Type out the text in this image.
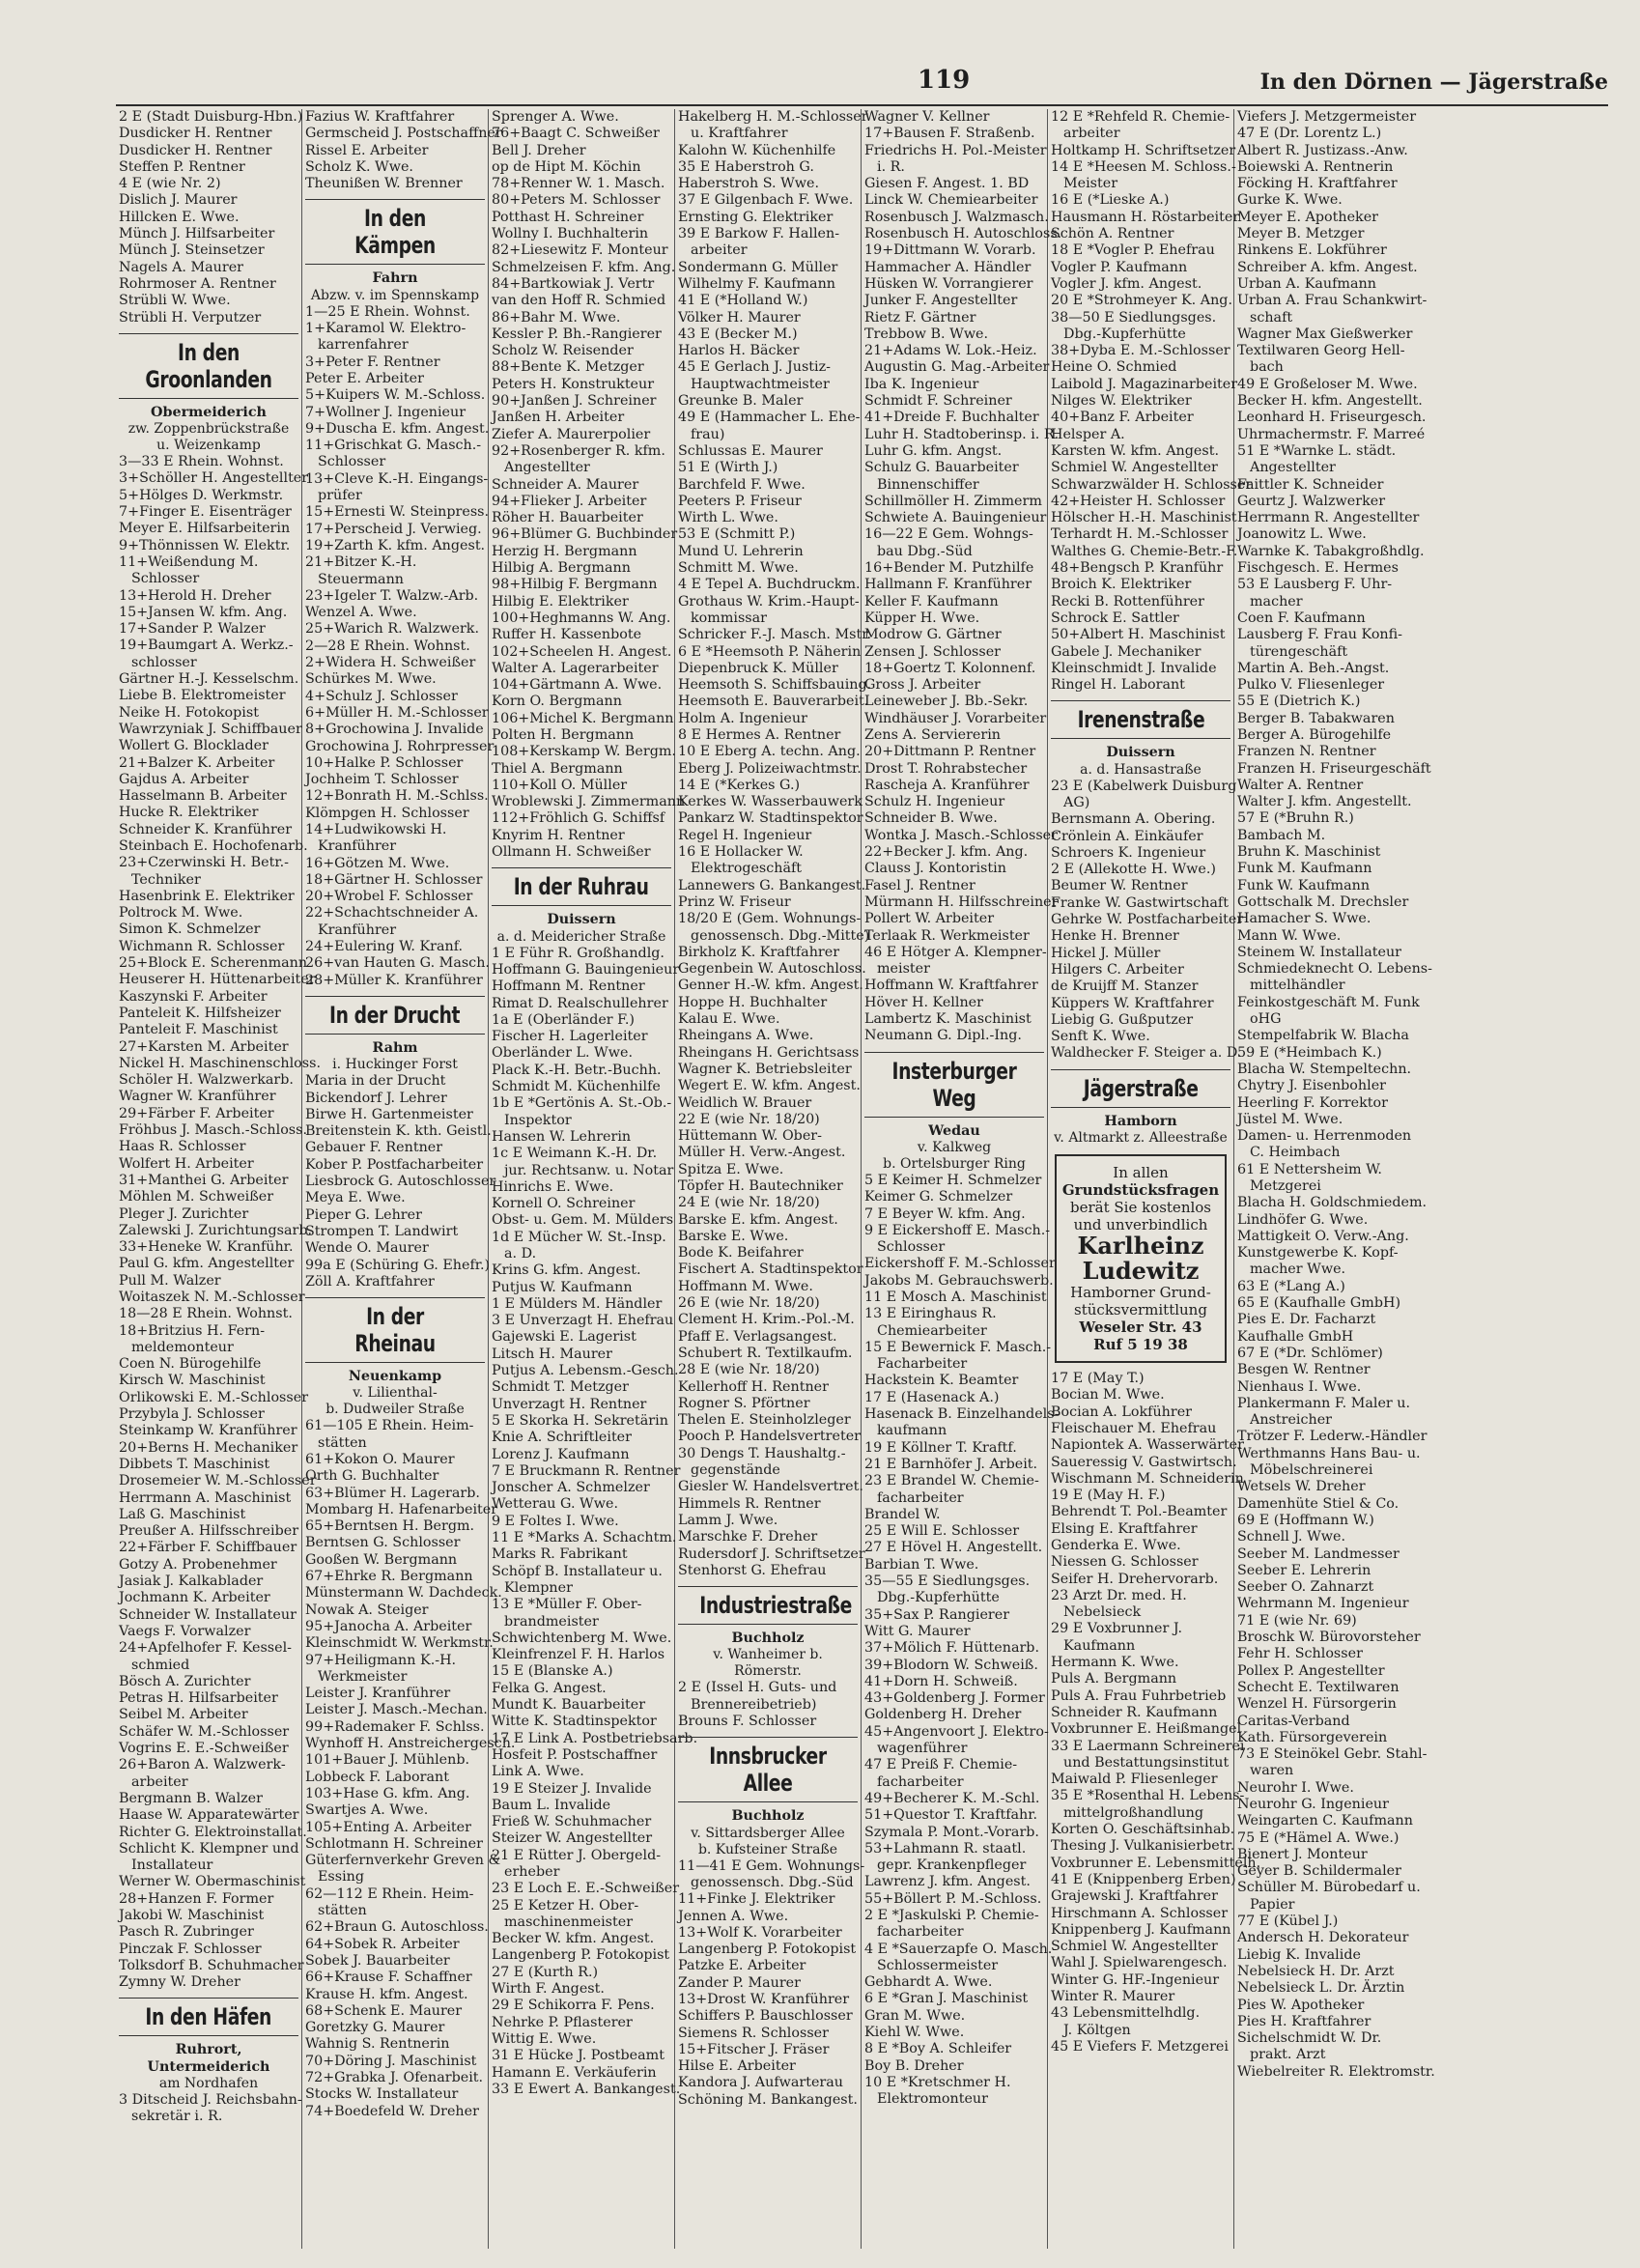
119	In den Dörnen — Jägerstraße
2 E (Stadt Duisburg-Hbn.)
Dusdicker H. Rentner
Dusdicker H. Rentner
Steffen P. Rentner
4 E (wie Nr. 2)
Dislich J. Maurer
Hillcken E. Wwe.
Münch J. Hilfsarbeiter
Münch J. Steinsetzer
Nagels A. Maurer
Rohrmoser A. Rentner
Strübli W. Wwe.
Strübli H. Verputzer
In den Groonlanden
Obermeiderich
zw. Zoppenbrückstraße
u. Weizenkamp
3—33 E Rhein. Wohnst.
3+Schöller H. Angestellter
5+Hölges D. Werkmstr.
7+Finger E. Eisenträger
Meyer E. Hilfsarbeiterin
9+Thönnissen W. Elektr.
11+Weißendung M.
Schlosser
13+Herold H. Dreher
15+Jansen W. kfm. Ang.
17+Sander P. Walzer
19+Baumgart A. Werkz.-
schlosser
Gärtner H.-J. Kesselschm.
Liebe B. Elektromeister
Neike H. Fotokopist
Wawrzyniak J. Schiffbauer
Wollert G. Blocklader
21+Balzer K. Arbeiter
Gajdus A. Arbeiter
Hasselmann B. Arbeiter
Hucke R. Elektriker
Schneider K. Kranführer
Steinbach E. Hochofenarb.
23+Czerwinski H. Betr.-
Techniker
Hasenbrink E. Elektriker
Poltrock M. Wwe.
Simon K. Schmelzer
Wichmann R. Schlosser
25+Block E. Scherenmann
Heuserer H. Hüttenarbeiter
Kaszynski F. Arbeiter
Panteleit K. Hilfsheizer
Panteleit F. Maschinist
27+Karsten M. Arbeiter
Nickel H. Maschinenschloss.
Schöler H. Walzwerkarb.
Wagner W. Kranführer
29+Färber F. Arbeiter
Fröhbus J. Masch.-Schloss.
Haas R. Schlosser
Wolfert H. Arbeiter
31+Manthei G. Arbeiter
Möhlen M. Schweißer
Pleger J. Zurichter
Zalewski J. Zurichtungsarb.
33+Heneke W. Kranführ.
Paul G. kfm. Angestellter
Pull M. Walzer
Woitaszek N. M.-Schlosser
18—28 E Rhein. Wohnst.
18+Britzius H. Fern-
meldemonteur
Coen N. Bürogehilfe
Kirsch W. Maschinist
Orlikowski E. M.-Schlosser
Przybyla J. Schlosser
Steinkamp W. Kranführer
20+Berns H. Mechaniker
Dibbets T. Maschinist
Drosemeier W. M.-Schlosser
Herrmann A. Maschinist
Laß G. Maschinist
Preußer A. Hilfsschreiber
22+Färber F. Schiffbauer
Gotzy A. Probenehmer
Jasiak J. Kalkablader
Jochmann K. Arbeiter
Schneider W. Installateur
Vaegs F. Vorwalzer
24+Apfelhofer F. Kessel-
schmied
Bösch A. Zurichter
Petras H. Hilfsarbeiter
Seibel M. Arbeiter
Schäfer W. M.-Schlosser
Vogrins E. E.-Schweißer
26+Baron A. Walzwerk-
arbeiter
Bergmann B. Walzer
Haase W. Apparatewärter
Richter G. Elektroinstallat.
Schlicht K. Klempner und
Installateur
Werner W. Obermaschinist
28+Hanzen F. Former
Jakobi W. Maschinist
Pasch R. Zubringer
Pinczak F. Schlosser
Tolksdorf B. Schuhmacher
Zymny W. Dreher
In den Häfen
Ruhrort, Untermeiderich
am Nordhafen
3 Ditscheid J. Reichsbahn-
sekretär i. R.
Fazius W. Kraftfahrer
Germscheid J. Postschaffner
Rissel E. Arbeiter
Scholz K. Wwe.
Theunißen W. Brenner
In den Kämpen
Fahrn
Abzw. v. im Spennskamp
1—25 E Rhein. Wohnst.
1+Karamol W. Elektro-
karrenfahrer
3+Peter F. Rentner
Peter E. Arbeiter
5+Kuipers W. M.-Schloss.
7+Wollner J. Ingenieur
9+Duscha E. kfm. Angest.
11+Grischkat G. Masch.-
Schlosser
13+Cleve K.-H. Eingangs-
prüfer
15+Ernesti W. Steinpress.
17+Perscheid J. Verwieg.
19+Zarth K. kfm. Angest.
21+Bitzer K.-H.
Steuermann
23+Igeler T. Walzw.-Arb.
Wenzel A. Wwe.
25+Warich R. Walzwerk.
2—28 E Rhein. Wohnst.
2+Widera H. Schweißer
Schürkes M. Wwe.
4+Schulz J. Schlosser
6+Müller H. M.-Schlosser
8+Grochowina J. Invalide
Grochowina J. Rohrpresser
10+Halke P. Schlosser
Jochheim T. Schlosser
12+Bonrath H. M.-Schlss.
Klömpgen H. Schlosser
14+Ludwikowski H.
Kranführer
16+Götzen M. Wwe.
18+Gärtner H. Schlosser
20+Wrobel F. Schlosser
22+Schachtschneider A.
Kranführer
24+Eulering W. Kranf.
26+van Hauten G. Masch.
28+Müller K. Kranführer
In der Drucht
Rahm
i. Huckinger Forst
Maria in der Drucht
Bickendorf J. Lehrer
Birwe H. Gartenmeister
Breitenstein K. kth. Geistl.
Gebauer F. Rentner
Kober P. Postfacharbeiter
Liesbrock G. Autoschlosser
Meya E. Wwe.
Pieper G. Lehrer
Strompen T. Landwirt
Wende O. Maurer
99a E (Schüring G. Ehefr.)
Zöll A. Kraftfahrer
In der Rheinau
Neuenkamp
v. Lilienthal-
b. Dudweiler Straße
61—105 E Rhein. Heim-
stätten
61+Kokon O. Maurer
Orth G. Buchhalter
63+Blümer H. Lagerarb.
Mombarg H. Hafenarbeiter
65+Berntsen H. Bergm.
Berntsen G. Schlosser
Gooßen W. Bergmann
67+Ehrke R. Bergmann
Münstermann W. Dachdeck.
Nowak A. Steiger
95+Janocha A. Arbeiter
Kleinschmidt W. Werkmstr.
97+Heiligmann K.-H.
Werkmeister
Leister J. Kranführer
Leister J. Masch.-Mechan.
99+Rademaker F. Schlss.
Wynhoff H. Anstreichergesch.
101+Bauer J. Mühlenb.
Lobbeck F. Laborant
103+Hase G. kfm. Ang.
Swartjes A. Wwe.
105+Enting A. Arbeiter
Schlotmann H. Schreiner
Güterfernverkehr Greven &
Essing
62—112 E Rhein. Heim-
stätten
62+Braun G. Autoschloss.
64+Sobek R. Arbeiter
Sobek J. Bauarbeiter
66+Krause F. Schaffner
Krause H. kfm. Angest.
68+Schenk E. Maurer
Goretzky G. Maurer
Wahnig S. Rentnerin
70+Döring J. Maschinist
72+Grabka J. Ofenarbeit.
Stocks W. Installateur
74+Boedefeld W. Dreher
Sprenger A. Wwe.
76+Baagt C. Schweißer
Bell J. Dreher
op de Hipt M. Köchin
78+Renner W. 1. Masch.
80+Peters M. Schlosser
Potthast H. Schreiner
Wollny I. Buchhalterin
82+Liesewitz F. Monteur
Schmelzeisen F. kfm. Ang.
84+Bartkowiak J. Vertr
van den Hoff R. Schmied
86+Bahr M. Wwe.
Kessler P. Bh.-Rangierer
Scholz W. Reisender
88+Bente K. Metzger
Peters H. Konstrukteur
90+Janßen J. Schreiner
Janßen H. Arbeiter
Ziefer A. Maurerpolier
92+Rosenberger R. kfm.
Angestellter
Schneider A. Maurer
94+Flieker J. Arbeiter
Röher H. Bauarbeiter
96+Blümer G. Buchbinder
Herzig H. Bergmann
Hilbig A. Bergmann
98+Hilbig F. Bergmann
Hilbig E. Elektriker
100+Heghmanns W. Ang.
Ruffer H. Kassenbote
102+Scheelen H. Angest.
Walter A. Lagerarbeiter
104+Gärtmann A. Wwe.
Korn O. Bergmann
106+Michel K. Bergmann
Polten H. Bergmann
108+Kerskamp W. Bergm.
Thiel A. Bergmann
110+Koll O. Müller
Wroblewski J. Zimmermann
112+Fröhlich G. Schiffsf
Knyrim H. Rentner
Ollmann H. Schweißer
In der Ruhrau
Duissern
a. d. Meidericher Straße
1 E Führ R. Großhandlg.
Hoffmann G. Bauingenieur
Hoffmann M. Rentner
Rimat D. Realschullehrer
1a E (Oberländer F.)
Fischer H. Lagerleiter
Oberländer L. Wwe.
Plack K.-H. Betr.-Buchh.
Schmidt M. Küchenhilfe
1b E *Gertönis A. St.-Ob.-
Inspektor
Hansen W. Lehrerin
1c E Weimann K.-H. Dr.
jur. Rechtsanw. u. Notar
Hinrichs E. Wwe.
Kornell O. Schreiner
Obst- u. Gem. M. Mülders
1d E Mücher W. St.-Insp.
a. D.
Krins G. kfm. Angest.
Putjus W. Kaufmann
1 E Mülders M. Händler
3 E Unverzagt H. Ehefrau
Gajewski E. Lagerist
Litsch H. Maurer
Putjus A. Lebensm.-Gesch.
Schmidt T. Metzger
Unverzagt H. Rentner
5 E Skorka H. Sekretärin
Knie A. Schriftleiter
Lorenz J. Kaufmann
7 E Bruckmann R. Rentner
Jonscher A. Schmelzer
Wetterau G. Wwe.
9 E Foltes I. Wwe.
11 E *Marks A. Schachtm.
Marks R. Fabrikant
Schöpf B. Installateur u.
Klempner
13 E *Müller F. Ober-
brandmeister
Schwichtenberg M. Wwe.
Kleinfrenzel F. H. Harlos
15 E (Blanske A.)
Felka G. Angest.
Mundt K. Bauarbeiter
Witte K. Stadtinspektor
17 E Link A. Postbetriebsarb.
Hosfeit P. Postschaffner
Link A. Wwe.
19 E Steizer J. Invalide
Baum L. Invalide
Frieß W. Schuhmacher
Steizer W. Angestellter
21 E Rütter J. Obergeld-
erheber
23 E Loch E. E.-Schweißer
25 E Ketzer H. Ober-
maschinenmeister
Becker W. kfm. Angest.
Langenberg P. Fotokopist
27 E (Kurth R.)
Wirth F. Angest.
29 E Schikorra F. Pens.
Nehrke P. Pflasterer
Wittig E. Wwe.
31 E Hücke J. Postbeamt
Hamann E. Verkäuferin
33 E Ewert A. Bankangest.
Hakelberg H. M.-Schlosser
u. Kraftfahrer
Kalohn W. Küchenhilfe
35 E Haberstroh G.
Haberstroh S. Wwe.
37 E Gilgenbach F. Wwe.
Ernsting G. Elektriker
39 E Barkow F. Hallen-
arbeiter
Sondermann G. Müller
Wilhelmy F. Kaufmann
41 E (*Holland W.)
Völker H. Maurer
43 E (Becker M.)
Harlos H. Bäcker
45 E Gerlach J. Justiz-
Hauptwachtmeister
Greunke B. Maler
49 E (Hammacher L. Ehe-
frau)
Schlussas E. Maurer
51 E (Wirth J.)
Barchfeld F. Wwe.
Peeters P. Friseur
Wirth L. Wwe.
53 E (Schmitt P.)
Mund U. Lehrerin
Schmitt M. Wwe.
4 E Tepel A. Buchdruckm.
Grothaus W. Krim.-Haupt-
kommissar
Schricker F.-J. Masch. Mstr.
6 E *Heemsoth P. Näherin
Diepenbruck K. Müller
Heemsoth S. Schiffsbauing.
Heemsoth E. Bauverarbeit.
Holm A. Ingenieur
8 E Hermes A. Rentner
10 E Eberg A. techn. Ang.
Eberg J. Polizeiwachtmstr.
14 E (*Kerkes G.)
Kerkes W. Wasserbauwerk
Pankarz W. Stadtinspektor
Regel H. Ingenieur
16 E Hollacker W.
Elektrogeschäft
Lannewers G. Bankangest.
Prinz W. Friseur
18/20 E (Gem. Wohnungs-
genossensch. Dbg.-Mitte)
Birkholz K. Kraftfahrer
Gegenbein W. Autoschloss.
Genner H.-W. kfm. Angest.
Hoppe H. Buchhalter
Kalau E. Wwe.
Rheingans A. Wwe.
Rheingans H. Gerichtsass
Wagner K. Betriebsleiter
Wegert E. W. kfm. Angest.
Weidlich W. Brauer
22 E (wie Nr. 18/20)
Hüttemann W. Ober-
Müller H. Verw.-Angest.
Spitza E. Wwe.
Töpfer H. Bautechniker
24 E (wie Nr. 18/20)
Barske E. kfm. Angest.
Barske E. Wwe.
Bode K. Beifahrer
Fischert A. Stadtinspektor
Hoffmann M. Wwe.
26 E (wie Nr. 18/20)
Clement H. Krim.-Pol.-M.
Pfaff E. Verlagsangest.
Schubert R. Textilkaufm.
28 E (wie Nr. 18/20)
Kellerhoff H. Rentner
Rogner S. Pförtner
Thelen E. Steinholzleger
Pooch P. Handelsvertreter
30 Dengs T. Haushaltg.-
gegenstände
Giesler W. Handelsvertret.
Himmels R. Rentner
Lamm J. Wwe.
Marschke F. Dreher
Rudersdorf J. Schriftsetzer
Stenhorst G. Ehefrau
Industriestraße
Buchholz
v. Wanheimer b. Römerstr.
2 E (Issel H. Guts- und
Brennereibetrieb)
Brouns F. Schlosser
Innsbrucker Allee
Buchholz
v. Sittardsberger Allee
b. Kufsteiner Straße
11—41 E Gem. Wohnungs-
genossensch. Dbg.-Süd
11+Finke J. Elektriker
Jennen A. Wwe.
13+Wolf K. Vorarbeiter
Langenberg P. Fotokopist
Patzke E. Arbeiter
Zander P. Maurer
13+Drost W. Kranführer
Schiffers P. Bauschlosser
Siemens R. Schlosser
15+Fitscher J. Fräser
Hilse E. Arbeiter
Kandora J. Aufwarterau
Schöning M. Bankangest.
Wagner V. Kellner
17+Bausen F. Straßenb.
Friedrichs H. Pol.-Meister
i. R.
Giesen F. Angest. 1. BD
Linck W. Chemiearbeiter
Rosenbusch J. Walzmasch.
Rosenbusch H. Autoschloss.
19+Dittmann W. Vorarb.
Hammacher A. Händler
Hüsken W. Vorrangierer
Junker F. Angestellter
Rietz F. Gärtner
Trebbow B. Wwe.
21+Adams W. Lok.-Heiz.
Augustin G. Mag.-Arbeiter
Iba K. Ingenieur
Schmidt F. Schreiner
41+Dreide F. Buchhalter
Luhr H. Stadtoberinsp. i. R.
Luhr G. kfm. Angst.
Schulz G. Bauarbeiter
Binnenschiffer
Schillmöller H. Zimmerm
Schwiete A. Bauingenieur
16—22 E Gem. Wohngs-
bau Dbg.-Süd
16+Bender M. Putzhilfe
Hallmann F. Kranführer
Keller F. Kaufmann
Küpper H. Wwe.
Modrow G. Gärtner
Zensen J. Schlosser
18+Goertz T. Kolonnenf.
Gross J. Arbeiter
Leineweber J. Bb.-Sekr.
Windhäuser J. Vorarbeiter
Zens A. Serviererin
20+Dittmann P. Rentner
Drost T. Rohrabstecher
Rascheja A. Kranführer
Schulz H. Ingenieur
Schneider B. Wwe.
Wontka J. Masch.-Schlosser
22+Becker J. kfm. Ang.
Clauss J. Kontoristin
Fasel J. Rentner
Mürmann H. Hilfsschreiner
Pollert W. Arbeiter
Terlaak R. Werkmeister
46 E Hötger A. Klempner-
meister
Hoffmann W. Kraftfahrer
Höver H. Kellner
Lambertz K. Maschinist
Neumann G. Dipl.-Ing.
Insterburger Weg
Wedau
v. Kalkweg
b. Ortelsburger Ring
5 E Keimer H. Schmelzer
Keimer G. Schmelzer
7 E Beyer W. kfm. Ang.
9 E Eickershoff E. Masch.-
Schlosser
Eickershoff F. M.-Schlosser
Jakobs M. Gebrauchswerb.
11 E Mosch A. Maschinist
13 E Eiringhaus R.
Chemiearbeiter
15 E Bewernick F. Masch.-
Facharbeiter
Hackstein K. Beamter
17 E (Hasenack A.)
Hasenack B. Einzelhandels-
kaufmann
19 E Köllner T. Kraftf.
21 E Barnhöfer J. Arbeit.
23 E Brandel W. Chemie-
facharbeiter
Brandel W.
25 E Will E. Schlosser
27 E Hövel H. Angestellt.
Barbian T. Wwe.
35—55 E Siedlungsges.
Dbg.-Kupferhütte
35+Sax P. Rangierer
Witt G. Maurer
37+Mölich F. Hüttenarb.
39+Blodorn W. Schweiß.
41+Dorn H. Schweiß.
43+Goldenberg J. Former
Goldenberg H. Dreher
45+Angenvoort J. Elektro-
wagenführer
47 E Preiß F. Chemie-
facharbeiter
49+Becherer K. M.-Schl.
51+Questor T. Kraftfahr.
Szymala P. Mont.-Vorarb.
53+Lahmann R. staatl.
gepr. Krankenpfleger
Lawrenz J. kfm. Angest.
55+Böllert P. M.-Schloss.
2 E *Jaskulski P. Chemie-
facharbeiter
4 E *Sauerzapfe O. Masch.-
Schlossermeister
Gebhardt A. Wwe.
6 E *Gran J. Maschinist
Gran M. Wwe.
Kiehl W. Wwe.
8 E *Boy A. Schleifer
Boy B. Dreher
10 E *Kretschmer H.
Elektromonteur
12 E *Rehfeld R. Chemie-
arbeiter
Holtkamp H. Schriftsetzer
14 E *Heesen M. Schloss.-
Meister
16 E (*Lieske A.)
Hausmann H. Röstarbeiter
Schön A. Rentner
18 E *Vogler P. Ehefrau
Vogler P. Kaufmann
Vogler J. kfm. Angest.
20 E *Strohmeyer K. Ang.
38—50 E Siedlungsges.
Dbg.-Kupferhütte
38+Dyba E. M.-Schlosser
Heine O. Schmied
Laibold J. Magazinarbeiter
Nilges W. Elektriker
40+Banz F. Arbeiter
Helsper A.
Karsten W. kfm. Angest.
Schmiel W. Angestellter
Schwarzwälder H. Schlosser
42+Heister H. Schlosser
Hölscher H.-H. Maschinist
Terhardt H. M.-Schlosser
Walthes G. Chemie-Betr.-F.
48+Bengsch P. Kranführ
Broich K. Elektriker
Recki B. Rottenführer
Schrock E. Sattler
50+Albert H. Maschinist
Gabele J. Mechaniker
Kleinschmidt J. Invalide
Ringel H. Laborant
Irenenstraße
Duissern
a. d. Hansastraße
23 E (Kabelwerk Duisburg
AG)
Bernsmann A. Obering.
Crönlein A. Einkäufer
Schroers K. Ingenieur
2 E (Allekotte H. Wwe.)
Beumer W. Rentner
Franke W. Gastwirtschaft
Gehrke W. Postfacharbeiter
Henke H. Brenner
Hickel J. Müller
Hilgers C. Arbeiter
de Kruijff M. Stanzer
Küppers W. Kraftfahrer
Liebig G. Gußputzer
Senft K. Wwe.
Waldhecker F. Steiger a. D.
Jägerstraße
Hamborn
v. Altmarkt z. Alleestraße
In allen
Grundstücksfragen
berät Sie kostenlos
und unverbindlich
Karlheinz
Ludewitz
Hamborner Grund-
stücksvermittlung
Weseler Str. 43
Ruf 5 19 38
17 E (May T.)
Bocian M. Wwe.
Bocian A. Lokführer
Fleischauer M. Ehefrau
Napiontek A. Wasserwärter
Saueressig V. Gastwirtsch.
Wischmann M. Schneiderin
19 E (May H. F.)
Behrendt T. Pol.-Beamter
Elsing E. Kraftfahrer
Genderka E. Wwe.
Niessen G. Schlosser
Seifer H. Drehervorarb.
23 Arzt Dr. med. H.
Nebelsieck
29 E Voxbrunner J.
Kaufmann
Hermann K. Wwe.
Puls A. Bergmann
Puls A. Frau Fuhrbetrieb
Schneider R. Kaufmann
Voxbrunner E. Heißmangel
33 E Laermann Schreinerei
und Bestattungsinstitut
Maiwald P. Fliesenleger
35 E *Rosenthal H. Lebens-
mittelgroßhandlung
Korten O. Geschäftsinhab.
Thesing J. Vulkanisierbetr.
Voxbrunner E. Lebensmittelh.
41 E (Knippenberg Erben)
Grajewski J. Kraftfahrer
Hirschmann A. Schlosser
Knippenberg J. Kaufmann
Schmiel W. Angestellter
Wahl J. Spielwarengesch.
Winter G. HF.-Ingenieur
Winter R. Maurer
43 Lebensmittelhdlg.
J. Költgen
45 E Viefers F. Metzgerei
Viefers J. Metzgermeister
47 E (Dr. Lorentz L.)
Albert R. Justizass.-Anw.
Boiewski A. Rentnerin
Föcking H. Kraftfahrer
Gurke K. Wwe.
Meyer E. Apotheker
Meyer B. Metzger
Rinkens E. Lokführer
Schreiber A. kfm. Angest.
Urban A. Kaufmann
Urban A. Frau Schankwirt-
schaft
Wagner Max Gießwerker
Textilwaren Georg Hell-
bach
49 E Großeloser M. Wwe.
Becker H. kfm. Angestellt.
Leonhard H. Friseurgesch.
Uhrmachermstr. F. Marreé
51 E *Warnke L. städt.
Angestellter
Faittler K. Schneider
Geurtz J. Walzwerker
Herrmann R. Angestellter
Joanowitz L. Wwe.
Warnke K. Tabakgroßhdlg.
Fischgesch. E. Hermes
53 E Lausberg F. Uhr-
macher
Coen F. Kaufmann
Lausberg F. Frau Konfi-
türengeschäft
Martin A. Beh.-Angst.
Pulko V. Fliesenleger
55 E (Dietrich K.)
Berger B. Tabakwaren
Berger A. Bürogehilfe
Franzen N. Rentner
Franzen H. Friseurgeschäft
Walter A. Rentner
Walter J. kfm. Angestellt.
57 E (*Bruhn R.)
Bambach M.
Bruhn K. Maschinist
Funk M. Kaufmann
Funk W. Kaufmann
Gottschalk M. Drechsler
Hamacher S. Wwe.
Mann W. Wwe.
Steinem W. Installateur
Schmiedeknecht O. Lebens-
mittelhändler
Feinkostgeschäft M. Funk
oHG
Stempelfabrik W. Blacha
59 E (*Heimbach K.)
Blacha W. Stempeltechn.
Chytry J. Eisenbohler
Heerling F. Korrektor
Jüstel M. Wwe.
Damen- u. Herrenmoden
C. Heimbach
61 E Nettersheim W.
Metzgerei
Blacha H. Goldschmiedem.
Lindhöfer G. Wwe.
Mattigkeit O. Verw.-Ang.
Kunstgewerbe K. Kopf-
macher Wwe.
63 E (*Lang A.)
65 E (Kaufhalle GmbH)
Pies E. Dr. Facharzt
Kaufhalle GmbH
67 E (*Dr. Schlömer)
Besgen W. Rentner
Nienhaus I. Wwe.
Plankermann F. Maler u.
Anstreicher
Trötzer F. Lederw.-Händler
Werthmanns Hans Bau- u.
Möbelschreinerei
Wetsels W. Dreher
Damenhüte Stiel & Co.
69 E (Hoffmann W.)
Schnell J. Wwe.
Seeber M. Landmesser
Seeber E. Lehrerin
Seeber O. Zahnarzt
Wehrmann M. Ingenieur
71 E (wie Nr. 69)
Broschk W. Bürovorsteher
Fehr H. Schlosser
Pollex P. Angestellter
Schecht E. Textilwaren
Wenzel H. Fürsorgerin
Caritas-Verband
Kath. Fürsorgeverein
73 E Steinökel Gebr. Stahl-
waren
Neurohr I. Wwe.
Neurohr G. Ingenieur
Weingarten C. Kaufmann
75 E (*Hämel A. Wwe.)
Bienert J. Monteur
Geyer B. Schildermaler
Schüller M. Bürobedarf u.
Papier
77 E (Kübel J.)
Andersch H. Dekorateur
Liebig K. Invalide
Nebelsieck H. Dr. Arzt
Nebelsieck L. Dr. Ärztin
Pies W. Apotheker
Pies H. Kraftfahrer
Sichelschmidt W. Dr.
prakt. Arzt
Wiebelreiter R. Elektromstr.
